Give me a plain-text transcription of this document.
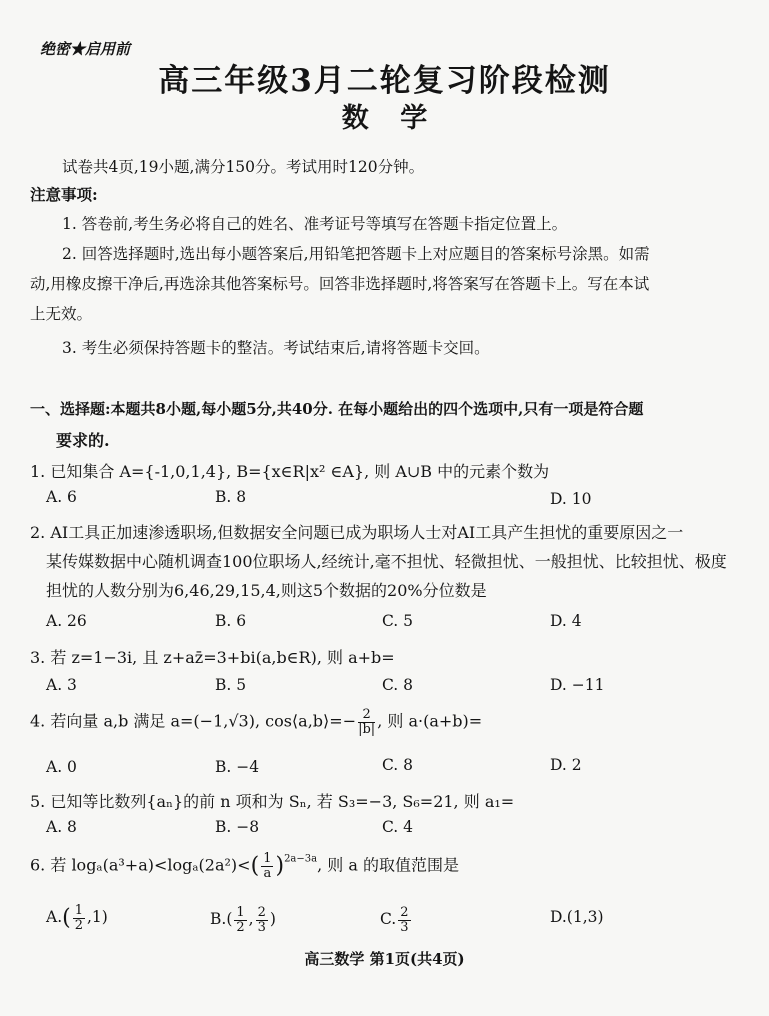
绝密★启用前
高三年级3月二轮复习阶段检测
数 学
试卷共4页,19小题,满分150分。考试用时120分钟。
注意事项:
1. 答卷前,考生务必将自己的姓名、准考证号等填写在答题卡指定位置上。
2. 回答选择题时,选出每小题答案后,用铅笔把答题卡上对应题目的答案标号涂黑。如需
动,用橡皮擦干净后,再选涂其他答案标号。回答非选择题时,将答案写在答题卡上。写在本试
上无效。
3. 考生必须保持答题卡的整洁。考试结束后,请将答题卡交回。
一、选择题:本题共8小题,每小题5分,共40分. 在每小题给出的四个选项中,只有一项是符合题
要求的.
1. 已知集合 A={-1,0,1,4}, B={x∈R|x² ∈A}, 则 A∪B 中的元素个数为
A. 6	B. 8	D. 10
2. AI工具正加速渗透职场,但数据安全问题已成为职场人士对AI工具产生担忧的重要原因之一
某传媒数据中心随机调查100位职场人,经统计,毫不担忧、轻微担忧、一般担忧、比较担忧、极度
担忧的人数分别为6,46,29,15,4,则这5个数据的20%分位数是
A. 26	B. 6	C. 5	D. 4
3. 若 z=1−3i, 且 z+az̄=3+bi(a,b∈R), 则 a+b=
A. 3	B. 5	C. 8	D. −11
4. 若向量 a,b 满足 a=(−1,√3), cos⟨a,b⟩=− $\frac{2}{|b|}$ , 则 a·(a+b)=
A. 0	B. −4	C. 8	D. 2
5. 已知等比数列{aₙ}的前 n 项和为 Sₙ, 若 S₃=−3, S₆=21, 则 a₁=
A. 8	B. −8	C. 4
6. 若 $\log_a(a^3+a)<\log_a(2a^2)<( \frac{1}{a} )^{2a-3a}$, 则 a 的取值范围是
$A.( \frac{1}{2} ,1)$	$B.( \frac{1}{2}$ , $\frac{2}{3}$ )	C. $\frac{2}{3}$	D.(1,3)
高三数学 第1页(共4页)
